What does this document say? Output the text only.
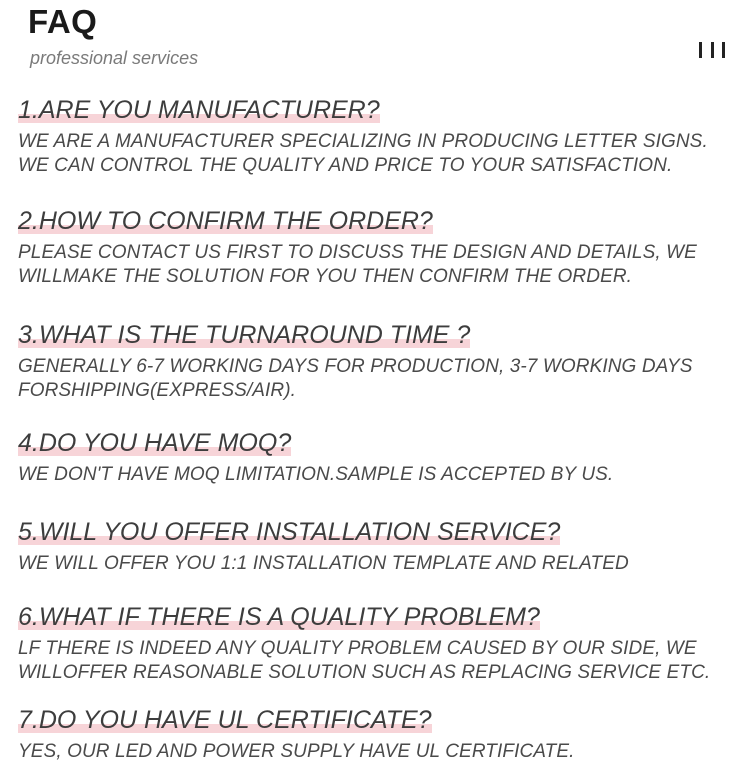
FAQ
professional services
1.ARE YOU MANUFACTURER?
WE ARE A MANUFACTURER SPECIALIZING IN PRODUCING LETTER SIGNS.
WE CAN CONTROL THE QUALITY AND PRICE TO YOUR SATISFACTION.
2.HOW TO CONFIRM THE ORDER?
PLEASE CONTACT US FIRST TO DISCUSS THE DESIGN AND DETAILS, WE
WILLMAKE THE SOLUTION FOR YOU THEN CONFIRM THE ORDER.
3.WHAT IS THE TURNAROUND TIME ?
GENERALLY 6-7 WORKING DAYS FOR PRODUCTION, 3-7 WORKING DAYS
FORSHIPPING(EXPRESS/AIR).
4.DO YOU HAVE MOQ?
WE DON'T HAVE MOQ LIMITATION.SAMPLE IS ACCEPTED BY US.
5.WILL YOU OFFER INSTALLATION SERVICE?
WE WILL OFFER YOU 1:1 INSTALLATION TEMPLATE AND RELATED
6.WHAT IF THERE IS A QUALITY PROBLEM?
LF THERE IS INDEED ANY QUALITY PROBLEM CAUSED BY OUR SIDE, WE
WILLOFFER REASONABLE SOLUTION SUCH AS REPLACING SERVICE ETC.
7.DO YOU HAVE UL CERTIFICATE?
YES, OUR LED AND POWER SUPPLY HAVE UL CERTIFICATE.
